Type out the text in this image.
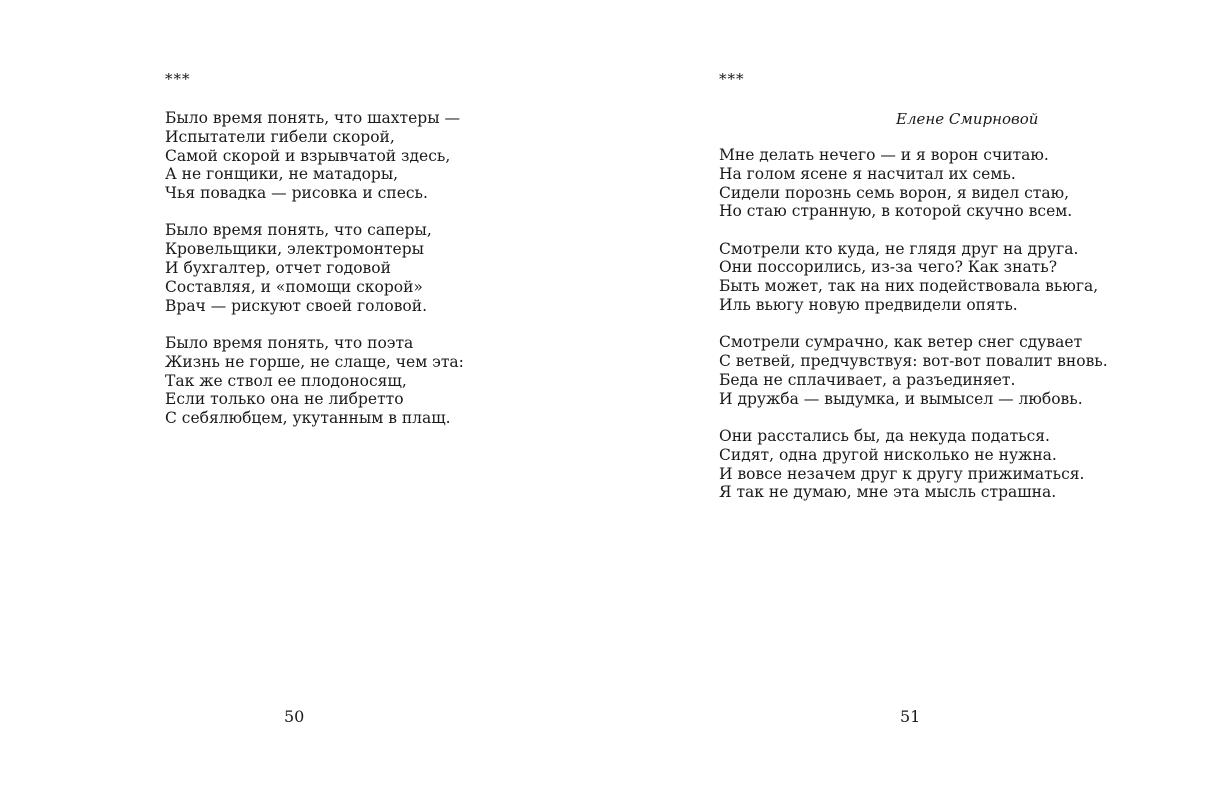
***

Было время понять, что шахтеры —
Испытатели гибели скорой,
Самой скорой и взрывчатой здесь,
А не гонщики, не матадоры,
Чья повадка — рисовка и спесь.
Было время понять, что саперы,
Кровельщики, электромонтеры
И бухгалтер, отчет годовой
Составляя, и «помощи скорой»
Врач — рискуют своей головой.
Было время понять, что поэта
Жизнь не горше, не слаще, чем эта:
Так же ствол ее плодоносящ,
Если только она не либретто
С себялюбцем, укутанным в плащ.

50

***

Елене Смирновой

Мне делать нечего — и я ворон считаю.
На голом ясене я насчитал их семь.
Сидели порознь семь ворон, я видел стаю,
Но стаю странную, в которой скучно всем.
Смотрели кто куда, не глядя друг на друга.
Они поссорились, из-за чего? Как знать?
Быть может, так на них подействовала вьюга,
Иль вьюгу новую предвидели опять.
Смотрели сумрачно, как ветер снег сдувает
С ветвей, предчувствуя: вот-вот повалит вновь.
Беда не сплачивает, а разъединяет.
И дружба — выдумка, и вымысел — любовь.
Они расстались бы, да некуда податься.
Сидят, одна другой нисколько не нужна.
И вовсе незачем друг к другу прижиматься.
Я так не думаю, мне эта мысль страшна.

51
